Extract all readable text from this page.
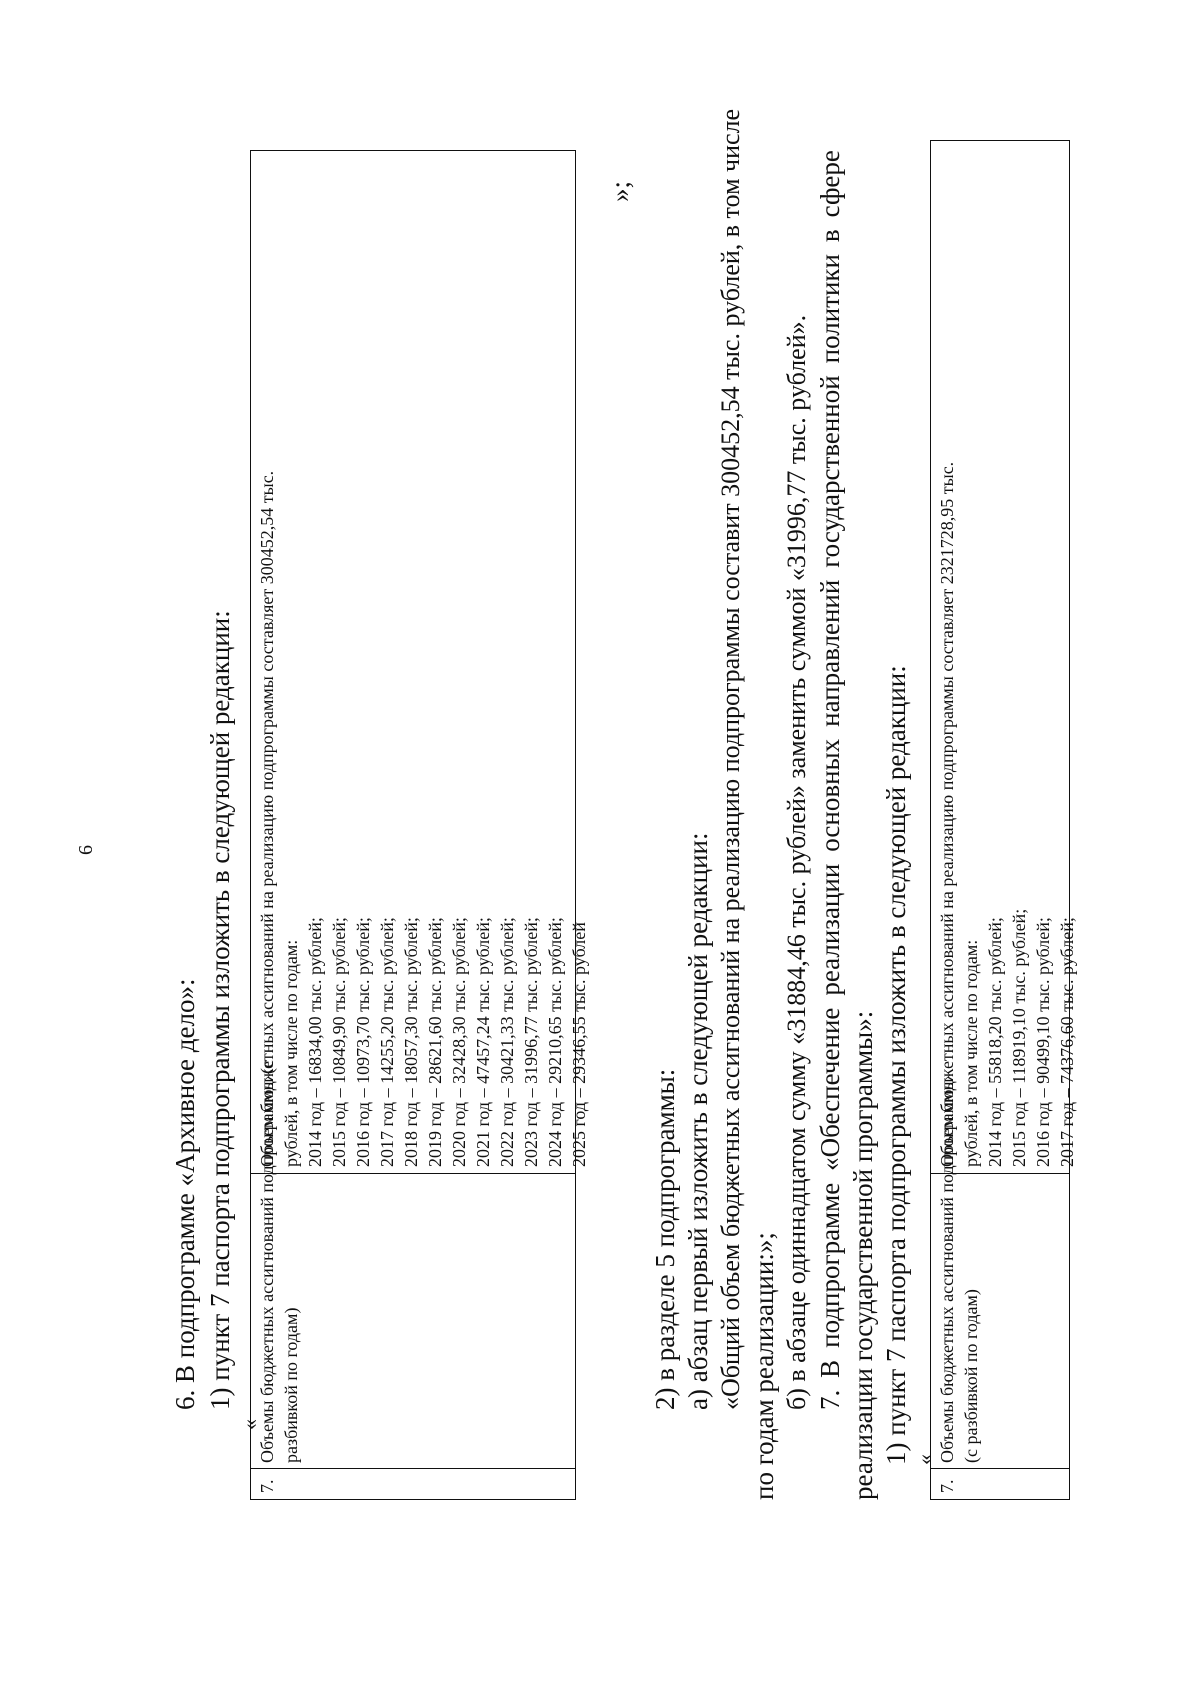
6
6. В подпрограмме «Архивное дело»: 1) пункт 7 паспорта подпрограммы изложить в следующей редакции:
«
7.
Объемы бюджетных ассигнований подпрограммы (с разбивкой по годам)
Объем бюджетных ассигнований на реализацию подпрограммы составляет 300452,54 тыс. рублей, в том числе по годам: 2014 год – 16834,00 тыс. рублей; 2015 год – 10849,90 тыс. рублей; 2016 год – 10973,70 тыс. рублей; 2017 год – 14255,20 тыс. рублей; 2018 год – 18057,30 тыс. рублей; 2019 год – 28621,60 тыс. рублей; 2020 год – 32428,30 тыс. рублей; 2021 год – 47457,24 тыс. рублей; 2022 год – 30421,33 тыс. рублей; 2023 год – 31996,77 тыс. рублей; 2024 год – 29210,65 тыс. рублей; 2025 год – 29346,55 тыс. рублей
»;
2) в разделе 5 подпрограммы: а) абзац первый изложить в следующей редакции: «Общий объем бюджетных ассигнований на реализацию подпрограммы составит 300452,54 тыс. рублей, в том числе по годам реализации:»; б) в абзаце одиннадцатом сумму «31884,46 тыс. рублей» заменить суммой «31996,77 тыс. рублей». 7.
В
подпрограмме
«Обеспечение
реализации
основных
направлений
государственной
политики
в
сфере
реализации государственной программы»: 1) пункт 7 паспорта подпрограммы изложить в следующей редакции: «
7.
Объемы бюджетных ассигнований подпрограммы (с разбивкой по годам)
Объем бюджетных ассигнований на реализацию подпрограммы составляет 2321728,95 тыс. рублей, в том числе по годам: 2014 год – 55818,20 тыс. рублей; 2015 год – 118919,10 тыс. рублей; 2016 год – 90499,10 тыс. рублей; 2017 год – 74376,60 тыс. рублей;
